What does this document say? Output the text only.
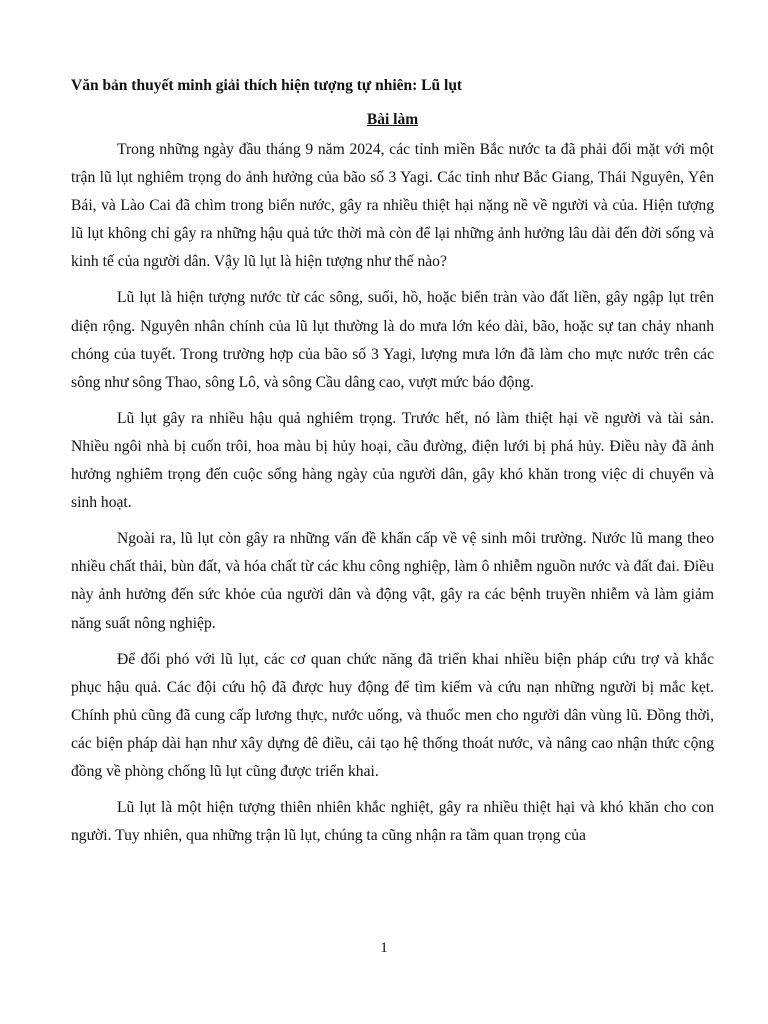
Văn bản thuyết minh giải thích hiện tượng tự nhiên: Lũ lụt

Bài làm

Trong những ngày đầu tháng 9 năm 2024, các tỉnh miền Bắc nước ta đã phải đối mặt với một trận lũ lụt nghiêm trọng do ảnh hưởng của bão số 3 Yagi. Các tỉnh như Bắc Giang, Thái Nguyên, Yên Bái, và Lào Cai đã chìm trong biển nước, gây ra nhiều thiệt hại nặng nề về người và của. Hiện tượng lũ lụt không chỉ gây ra những hậu quả tức thời mà còn để lại những ảnh hưởng lâu dài đến đời sống và kinh tế của người dân. Vậy lũ lụt là hiện tượng như thế nào?

Lũ lụt là hiện tượng nước từ các sông, suối, hồ, hoặc biển tràn vào đất liền, gây ngập lụt trên diện rộng. Nguyên nhân chính của lũ lụt thường là do mưa lớn kéo dài, bão, hoặc sự tan chảy nhanh chóng của tuyết. Trong trường hợp của bão số 3 Yagi, lượng mưa lớn đã làm cho mực nước trên các sông như sông Thao, sông Lô, và sông Cầu dâng cao, vượt mức báo động.

Lũ lụt gây ra nhiều hậu quả nghiêm trọng. Trước hết, nó làm thiệt hại về người và tài sản. Nhiều ngôi nhà bị cuốn trôi, hoa màu bị hủy hoại, cầu đường, điện lưới bị phá hủy. Điều này đã ảnh hưởng nghiêm trọng đến cuộc sống hàng ngày của người dân, gây khó khăn trong việc di chuyển và sinh hoạt.

Ngoài ra, lũ lụt còn gây ra những vấn đề khẩn cấp về vệ sinh môi trường. Nước lũ mang theo nhiều chất thải, bùn đất, và hóa chất từ các khu công nghiệp, làm ô nhiễm nguồn nước và đất đai. Điều này ảnh hưởng đến sức khỏe của người dân và động vật, gây ra các bệnh truyền nhiễm và làm giảm năng suất nông nghiệp.

Để đối phó với lũ lụt, các cơ quan chức năng đã triển khai nhiều biện pháp cứu trợ và khắc phục hậu quả. Các đội cứu hộ đã được huy động để tìm kiếm và cứu nạn những người bị mắc kẹt. Chính phủ cũng đã cung cấp lương thực, nước uống, và thuốc men cho người dân vùng lũ. Đồng thời, các biện pháp dài hạn như xây dựng đê điều, cải tạo hệ thống thoát nước, và nâng cao nhận thức cộng đồng về phòng chống lũ lụt cũng được triển khai.

Lũ lụt là một hiện tượng thiên nhiên khắc nghiệt, gây ra nhiều thiệt hại và khó khăn cho con người. Tuy nhiên, qua những trận lũ lụt, chúng ta cũng nhận ra tầm quan trọng của

1
